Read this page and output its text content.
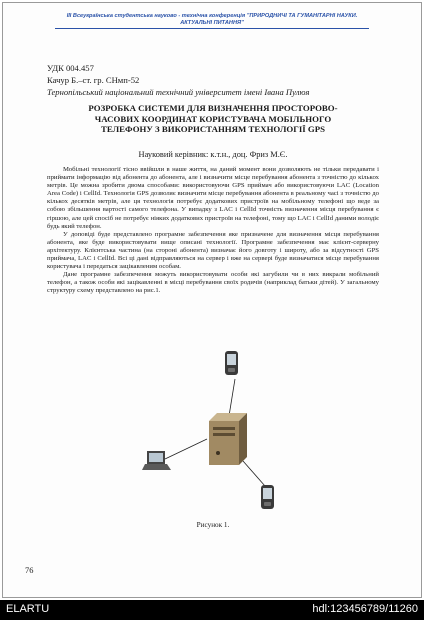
ІІІ Всеукраїнська студентська науково - технічна конференція "ПРИРОДНИЧІ ТА ГУМАНІТАРНІ НАУКИ.
АКТУАЛЬНІ ПИТАННЯ"
УДК 004.457
Качур Б.–ст. гр. СНмп-52
Тернопільський національний технічний університет імені Івана Пулюя
РОЗРОБКА СИСТЕМИ ДЛЯ ВИЗНАЧЕННЯ ПРОСТОРОВО-
ЧАСОВИХ КООРДИНАТ КОРИСТУВАЧА МОБІЛЬНОГО
ТЕЛЕФОНУ З ВИКОРИСТАННЯМ ТЕХНОЛОГІЇ GPS
Науковий керівник: к.т.н., доц. Фриз М.Є.

Мобільні технології тісно ввійшли в наше життя, на даний момент вони дозволяють не тільки передавати і приймати інформацію від абонента до абонента, але і визначити місце перебування абонента з точністю до кількох метрів. Це можна зробити двома способами: використовуючи GPS приймач або використовуючи LAC (Location Area Code) і CellId. Технологія GPS дозволяє визначити місце перебування абонента в реальному часі з точністю до кількох десятків метрів, але ця технологія потребує додаткових пристроїв на мобільному телефоні що веде за собою збільшення вартості самого телефона. У випадку з LAC і CellId точність визначення місця перебування є гіршою, але цей спосіб не потребує ніяких додаткових пристроїв на телефоні, тому що LAC і CellId даними володіє будь який телефон.

У доповіді буде представлено програмне забезпечення яке призначене для визначення місця перебування абонента, яке буде використовувати вище описані технології. Програмне забезпечення має клієнт-серверну архітектуру. Клієнтська частина (на стороні абонента) визначає його довготу і широту, або за відсутності GPS приймача, LAC і CellId. Всі ці дані відправляються на сервер і вже на сервері буде визначатися місце перебування користувача і передаться зацікавленим особам.

Дане програмне забезпечення можуть використовувати особи які загубили чи в них викрали мобільний телефон, а також особи які зацікавленні в місці перебування своїх родичів (наприклад батьки дітей). У загальному структуру схему представлено на рис.1.

Рисунок 1.
76
ELARTU	hdl:123456789/11260
